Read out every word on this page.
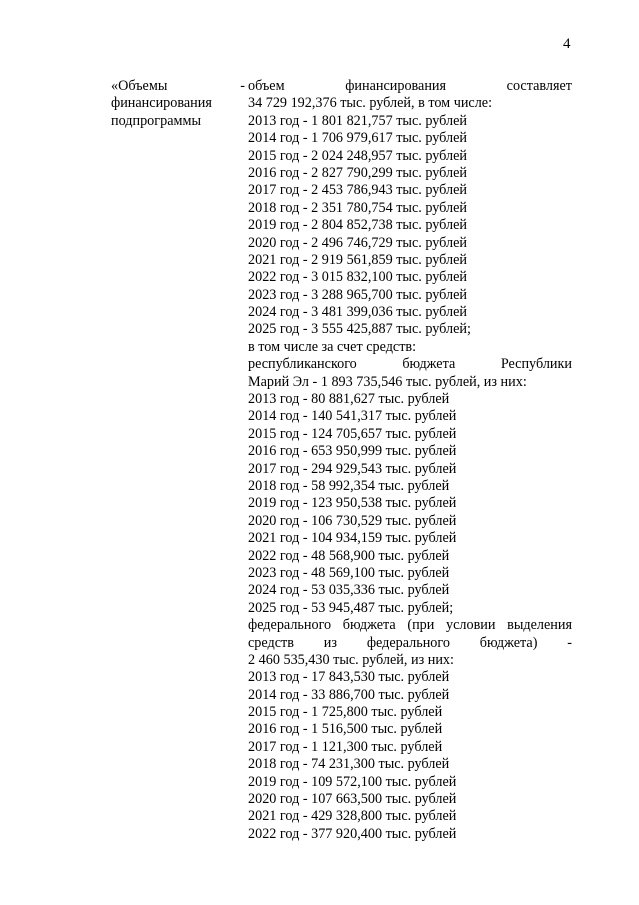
4
«Объемы	-
финансирования
подпрограммы
объем	финансирования	составляет
34 729 192,376 тыс. рублей, в том числе:
2013 год - 1 801 821,757 тыс. рублей
2014 год - 1 706 979,617 тыс. рублей
2015 год - 2 024 248,957 тыс. рублей
2016 год - 2 827 790,299 тыс. рублей
2017 год - 2 453 786,943 тыс. рублей
2018 год - 2 351 780,754 тыс. рублей
2019 год - 2 804 852,738 тыс. рублей
2020 год - 2 496 746,729 тыс. рублей
2021 год - 2 919 561,859 тыс. рублей
2022 год - 3 015 832,100 тыс. рублей
2023 год - 3 288 965,700 тыс. рублей
2024 год - 3 481 399,036 тыс. рублей
2025 год - 3 555 425,887 тыс. рублей;
в том числе за счет средств:
республиканского	бюджета	Республики
Марий Эл - 1 893 735,546 тыс. рублей, из них:
2013 год - 80 881,627 тыс. рублей
2014 год - 140 541,317 тыс. рублей
2015 год - 124 705,657 тыс. рублей
2016 год - 653 950,999 тыс. рублей
2017 год - 294 929,543 тыс. рублей
2018 год - 58 992,354 тыс. рублей
2019 год - 123 950,538 тыс. рублей
2020 год - 106 730,529 тыс. рублей
2021 год - 104 934,159 тыс. рублей
2022 год - 48 568,900 тыс. рублей
2023 год - 48 569,100 тыс. рублей
2024 год - 53 035,336 тыс. рублей
2025 год - 53 945,487 тыс. рублей;
федерального бюджета (при условии выделения
средств из федерального бюджета) -
2 460 535,430 тыс. рублей, из них:
2013 год - 17 843,530 тыс. рублей
2014 год - 33 886,700 тыс. рублей
2015 год - 1 725,800 тыс. рублей
2016 год - 1 516,500 тыс. рублей
2017 год - 1 121,300 тыс. рублей
2018 год - 74 231,300 тыс. рублей
2019 год - 109 572,100 тыс. рублей
2020 год - 107 663,500 тыс. рублей
2021 год - 429 328,800 тыс. рублей
2022 год - 377 920,400 тыс. рублей
